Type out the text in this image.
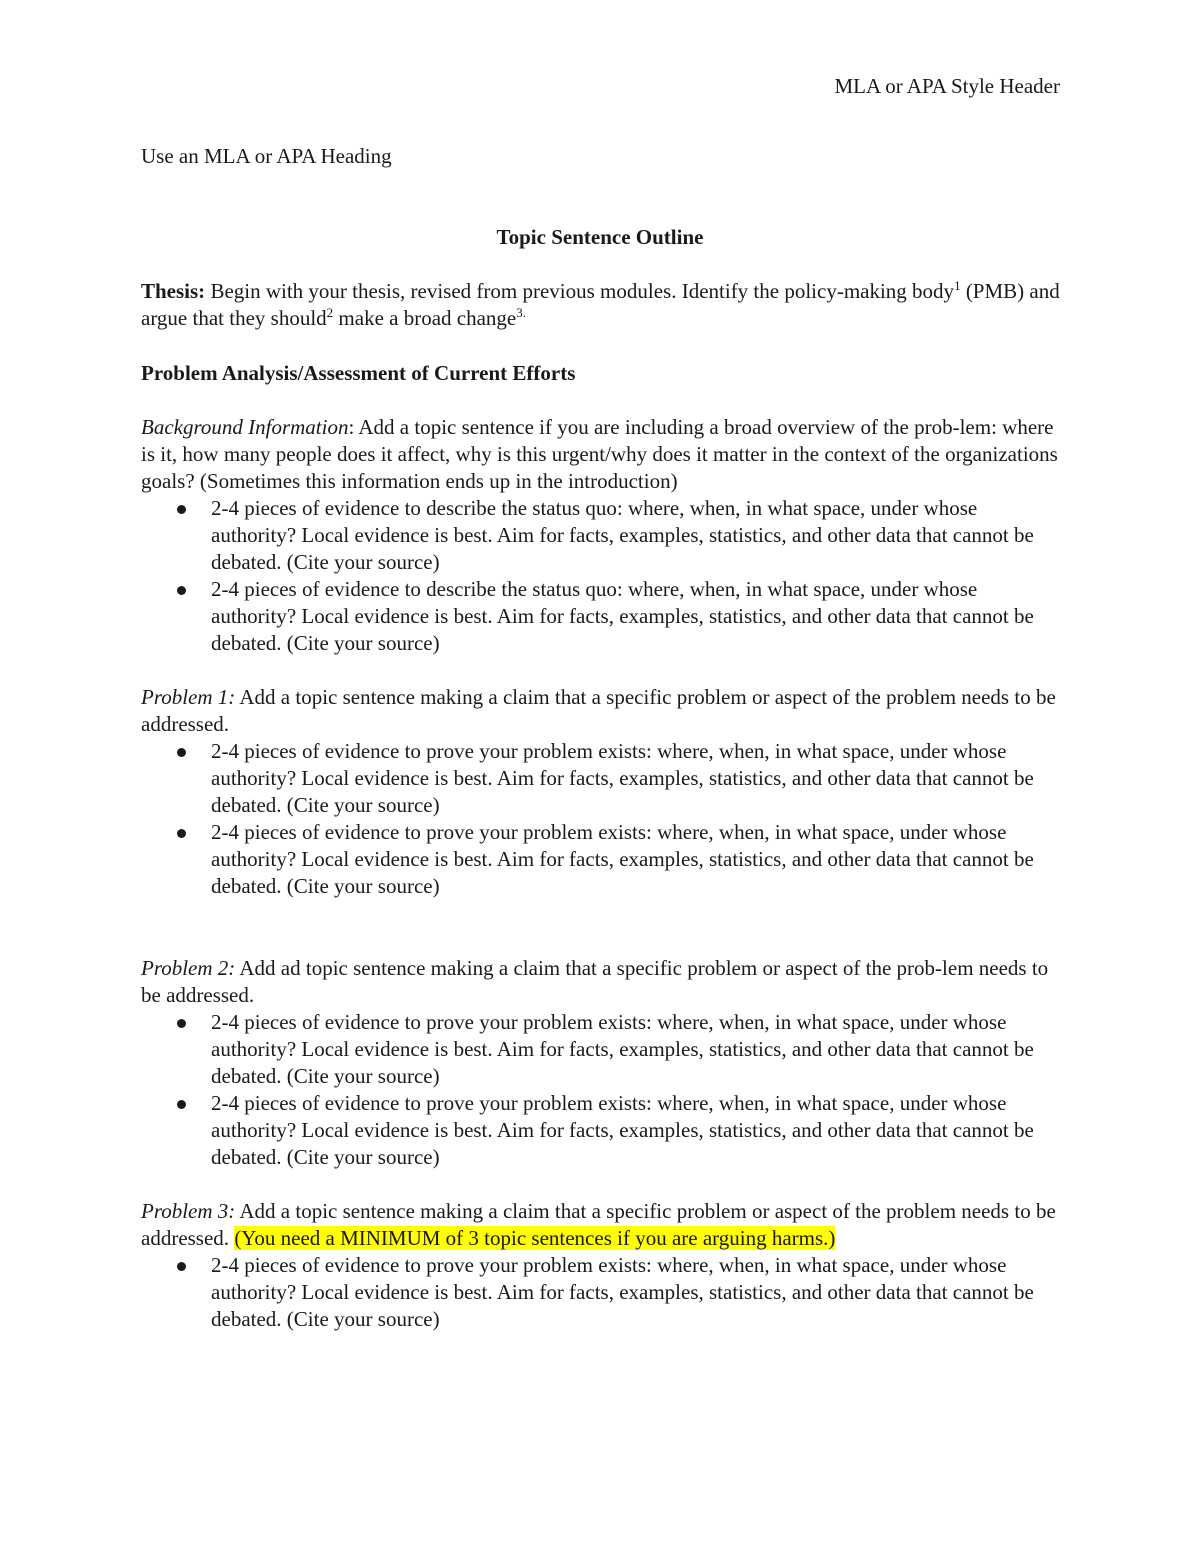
MLA or APA Style Header
Use an MLA or APA Heading
Topic Sentence Outline

Thesis: Begin with your thesis, revised from previous modules. Identify the policy-making body$^1$ (PMB) and argue that they should$^2$ make a broad change$^{3.}$

Problem Analysis/Assessment of Current Efforts

Background Information: Add a topic sentence if you are including a broad overview of the prob-lem: where is it, how many people does it affect, why is this urgent/why does it matter in the context of the organizations goals? (Sometimes this information ends up in the introduction)

2-4 pieces of evidence to describe the status quo: where, when, in what space, under whose authority? Local evidence is best. Aim for facts, examples, statistics, and other data that cannot be debated. (Cite your source)
2-4 pieces of evidence to describe the status quo: where, when, in what space, under whose authority? Local evidence is best. Aim for facts, examples, statistics, and other data that cannot be debated. (Cite your source)

Problem 1: Add a topic sentence making a claim that a specific problem or aspect of the problem needs to be addressed.

2-4 pieces of evidence to prove your problem exists: where, when, in what space, under whose authority? Local evidence is best. Aim for facts, examples, statistics, and other data that cannot be debated. (Cite your source)
2-4 pieces of evidence to prove your problem exists: where, when, in what space, under whose authority? Local evidence is best. Aim for facts, examples, statistics, and other data that cannot be debated. (Cite your source)

Problem 2: Add ad topic sentence making a claim that a specific problem or aspect of the prob-lem needs to be addressed.

2-4 pieces of evidence to prove your problem exists: where, when, in what space, under whose authority? Local evidence is best. Aim for facts, examples, statistics, and other data that cannot be debated. (Cite your source)
2-4 pieces of evidence to prove your problem exists: where, when, in what space, under whose authority? Local evidence is best. Aim for facts, examples, statistics, and other data that cannot be debated. (Cite your source)

Problem 3: Add a topic sentence making a claim that a specific problem or aspect of the problem needs to be addressed. (You need a MINIMUM of 3 topic sentences if you are arguing harms.)

2-4 pieces of evidence to prove your problem exists: where, when, in what space, under whose authority? Local evidence is best. Aim for facts, examples, statistics, and other data that cannot be debated. (Cite your source)
